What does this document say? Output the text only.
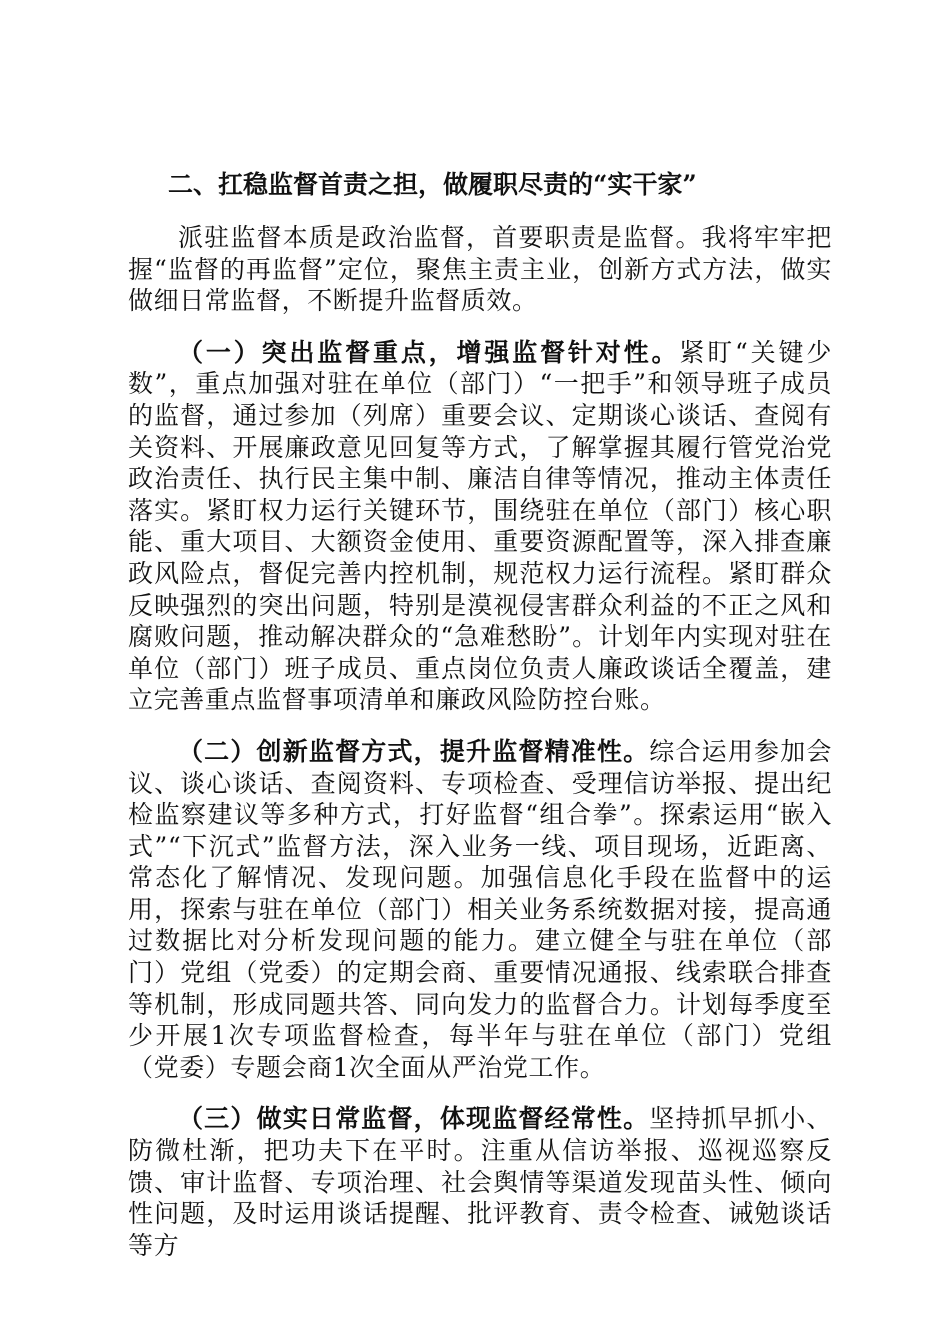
二、扛稳监督首责之担，做履职尽责的“实干家”

派驻监督本质是政治监督，首要职责是监督。我将牢牢把握“监督的再监督”定位，聚焦主责主业，创新方式方法，做实做细日常监督，不断提升监督质效。

（一）突出监督重点，增强监督针对性。紧盯“关键少数”，重点加强对驻在单位（部门）“一把手”和领导班子成员的监督，通过参加（列席）重要会议、定期谈心谈话、查阅有关资料、开展廉政意见回复等方式，了解掌握其履行管党治党政治责任、执行民主集中制、廉洁自律等情况，推动主体责任落实。紧盯权力运行关键环节，围绕驻在单位（部门）核心职能、重大项目、大额资金使用、重要资源配置等，深入排查廉政风险点，督促完善内控机制，规范权力运行流程。紧盯群众反映强烈的突出问题，特别是漠视侵害群众利益的不正之风和腐败问题，推动解决群众的“急难愁盼”。计划年内实现对驻在单位（部门）班子成员、重点岗位负责人廉政谈话全覆盖，建立完善重点监督事项清单和廉政风险防控台账。

（二）创新监督方式，提升监督精准性。综合运用参加会议、谈心谈话、查阅资料、专项检查、受理信访举报、提出纪检监察建议等多种方式，打好监督“组合拳”。探索运用“嵌入式”“下沉式”监督方法，深入业务一线、项目现场，近距离、常态化了解情况、发现问题。加强信息化手段在监督中的运用，探索与驻在单位（部门）相关业务系统数据对接，提高通过数据比对分析发现问题的能力。建立健全与驻在单位（部门）党组（党委）的定期会商、重要情况通报、线索联合排查等机制，形成同题共答、同向发力的监督合力。计划每季度至少开展1次专项监督检查，每半年与驻在单位（部门）党组（党委）专题会商1次全面从严治党工作。

（三）做实日常监督，体现监督经常性。坚持抓早抓小、防微杜渐，把功夫下在平时。注重从信访举报、巡视巡察反馈、审计监督、专项治理、社会舆情等渠道发现苗头性、倾向性问题，及时运用谈话提醒、批评教育、责令检查、诫勉谈话等方
